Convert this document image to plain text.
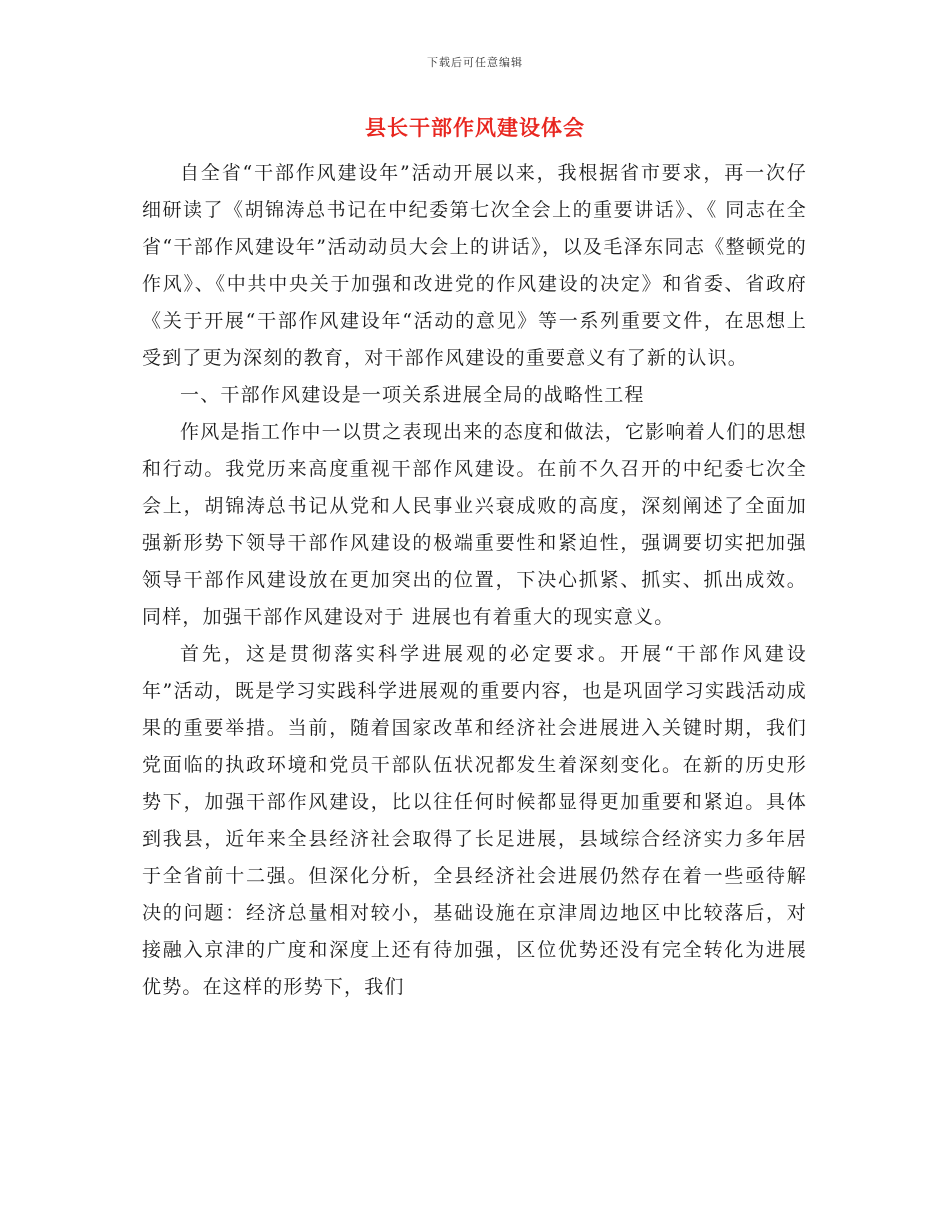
下载后可任意编辑
县长干部作风建设体会

自全省“干部作风建设年”活动开展以来，我根据省市要求，再一次仔细研读了《胡锦涛总书记在中纪委第七次全会上的重要讲话》、《 同志在全省“干部作风建设年”活动动员大会上的讲话》，以及毛泽东同志《整顿党的作风》、《中共中央关于加强和改进党的作风建设的决定》和省委、省政府《关于开展“干部作风建设年“活动的意见》等一系列重要文件，在思想上受到了更为深刻的教育，对干部作风建设的重要意义有了新的认识。

一、干部作风建设是一项关系进展全局的战略性工程

作风是指工作中一以贯之表现出来的态度和做法，它影响着人们的思想和行动。我党历来高度重视干部作风建设。在前不久召开的中纪委七次全会上，胡锦涛总书记从党和人民事业兴衰成败的高度，深刻阐述了全面加强新形势下领导干部作风建设的极端重要性和紧迫性，强调要切实把加强领导干部作风建设放在更加突出的位置，下决心抓紧、抓实、抓出成效。同样，加强干部作风建设对于 进展也有着重大的现实意义。

首先，这是贯彻落实科学进展观的必定要求。开展“干部作风建设年”活动，既是学习实践科学进展观的重要内容，也是巩固学习实践活动成果的重要举措。当前，随着国家改革和经济社会进展进入关键时期，我们党面临的执政环境和党员干部队伍状况都发生着深刻变化。在新的历史形势下，加强干部作风建设，比以往任何时候都显得更加重要和紧迫。具体到我县，近年来全县经济社会取得了长足进展，县域综合经济实力多年居于全省前十二强。但深化分析，全县经济社会进展仍然存在着一些亟待解决的问题：经济总量相对较小，基础设施在京津周边地区中比较落后，对接融入京津的广度和深度上还有待加强，区位优势还没有完全转化为进展优势。在这样的形势下，我们
